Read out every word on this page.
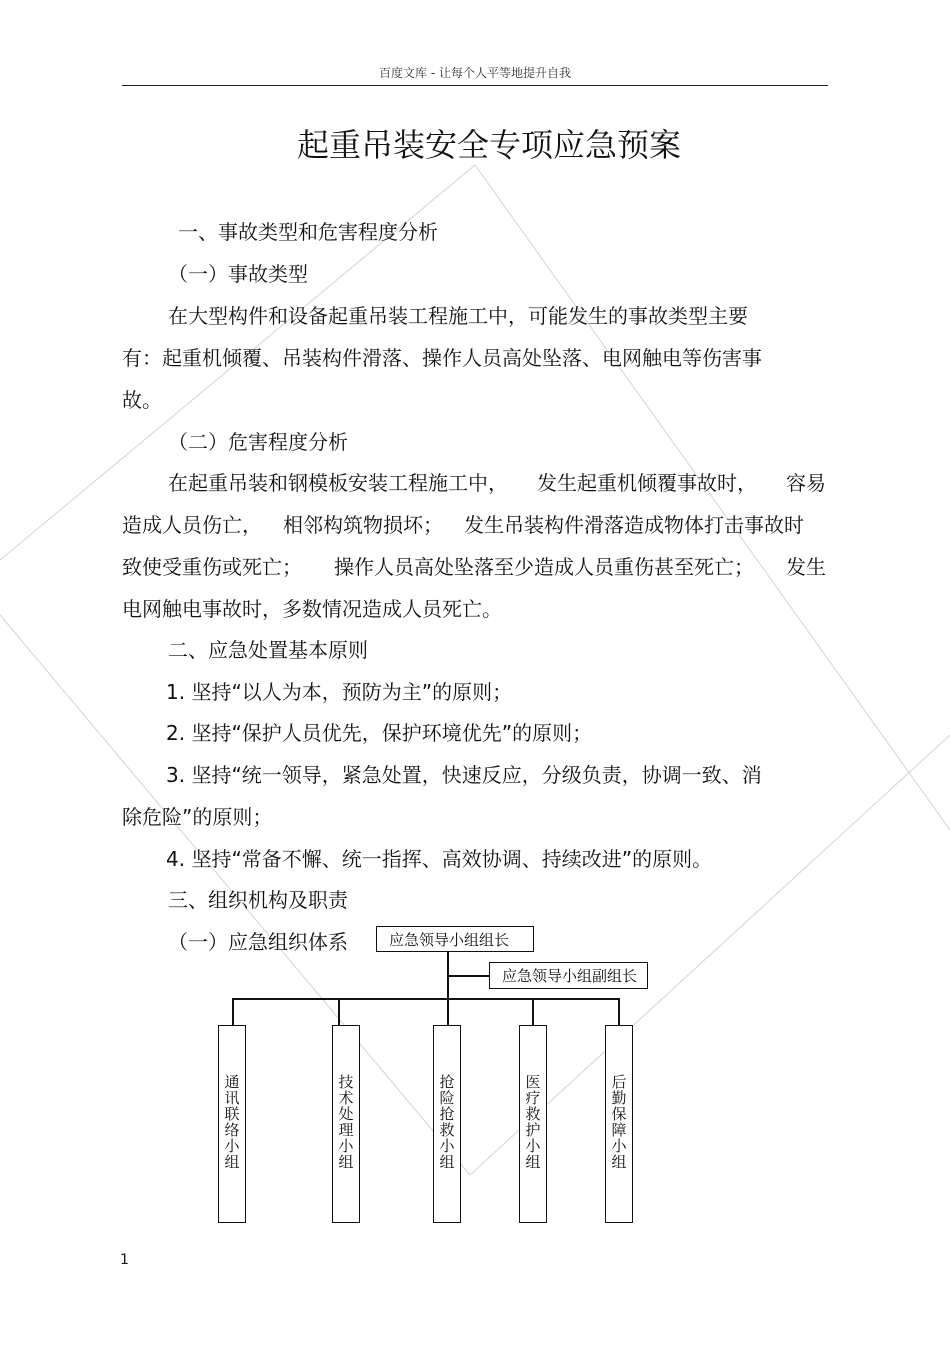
百度文库 - 让每个人平等地提升自我
起重吊装安全专项应急预案
一、事故类型和危害程度分析
（一）事故类型
在大型构件和设备起重吊装工程施工中，可能发生的事故类型主要
有：起重机倾覆、吊装构件滑落、操作人员高处坠落、电网触电等伤害事
故。
（二）危害程度分析
在起重吊装和钢模板安装工程施工中， 发生起重机倾覆事故时， 容易
造成人员伤亡， 相邻构筑物损坏； 发生吊装构件滑落造成物体打击事故时
致使受重伤或死亡； 操作人员高处坠落至少造成人员重伤甚至死亡； 发生
电网触电事故时，多数情况造成人员死亡。
二、应急处置基本原则
1. 坚持“以人为本，预防为主”的原则；
2. 坚持“保护人员优先，保护环境优先”的原则；
3. 坚持“统一领导，紧急处置，快速反应，分级负责，协调一致、消
除危险”的原则；
4. 坚持“常备不懈、统一指挥、高效协调、持续改进”的原则。
三、组织机构及职责
（一）应急组织体系	应急领导小组组长
应急领导小组副组长
通讯联络小组	技术处理小组	抢险抢救小组	医疗救护小组	后勤保障小组
1
